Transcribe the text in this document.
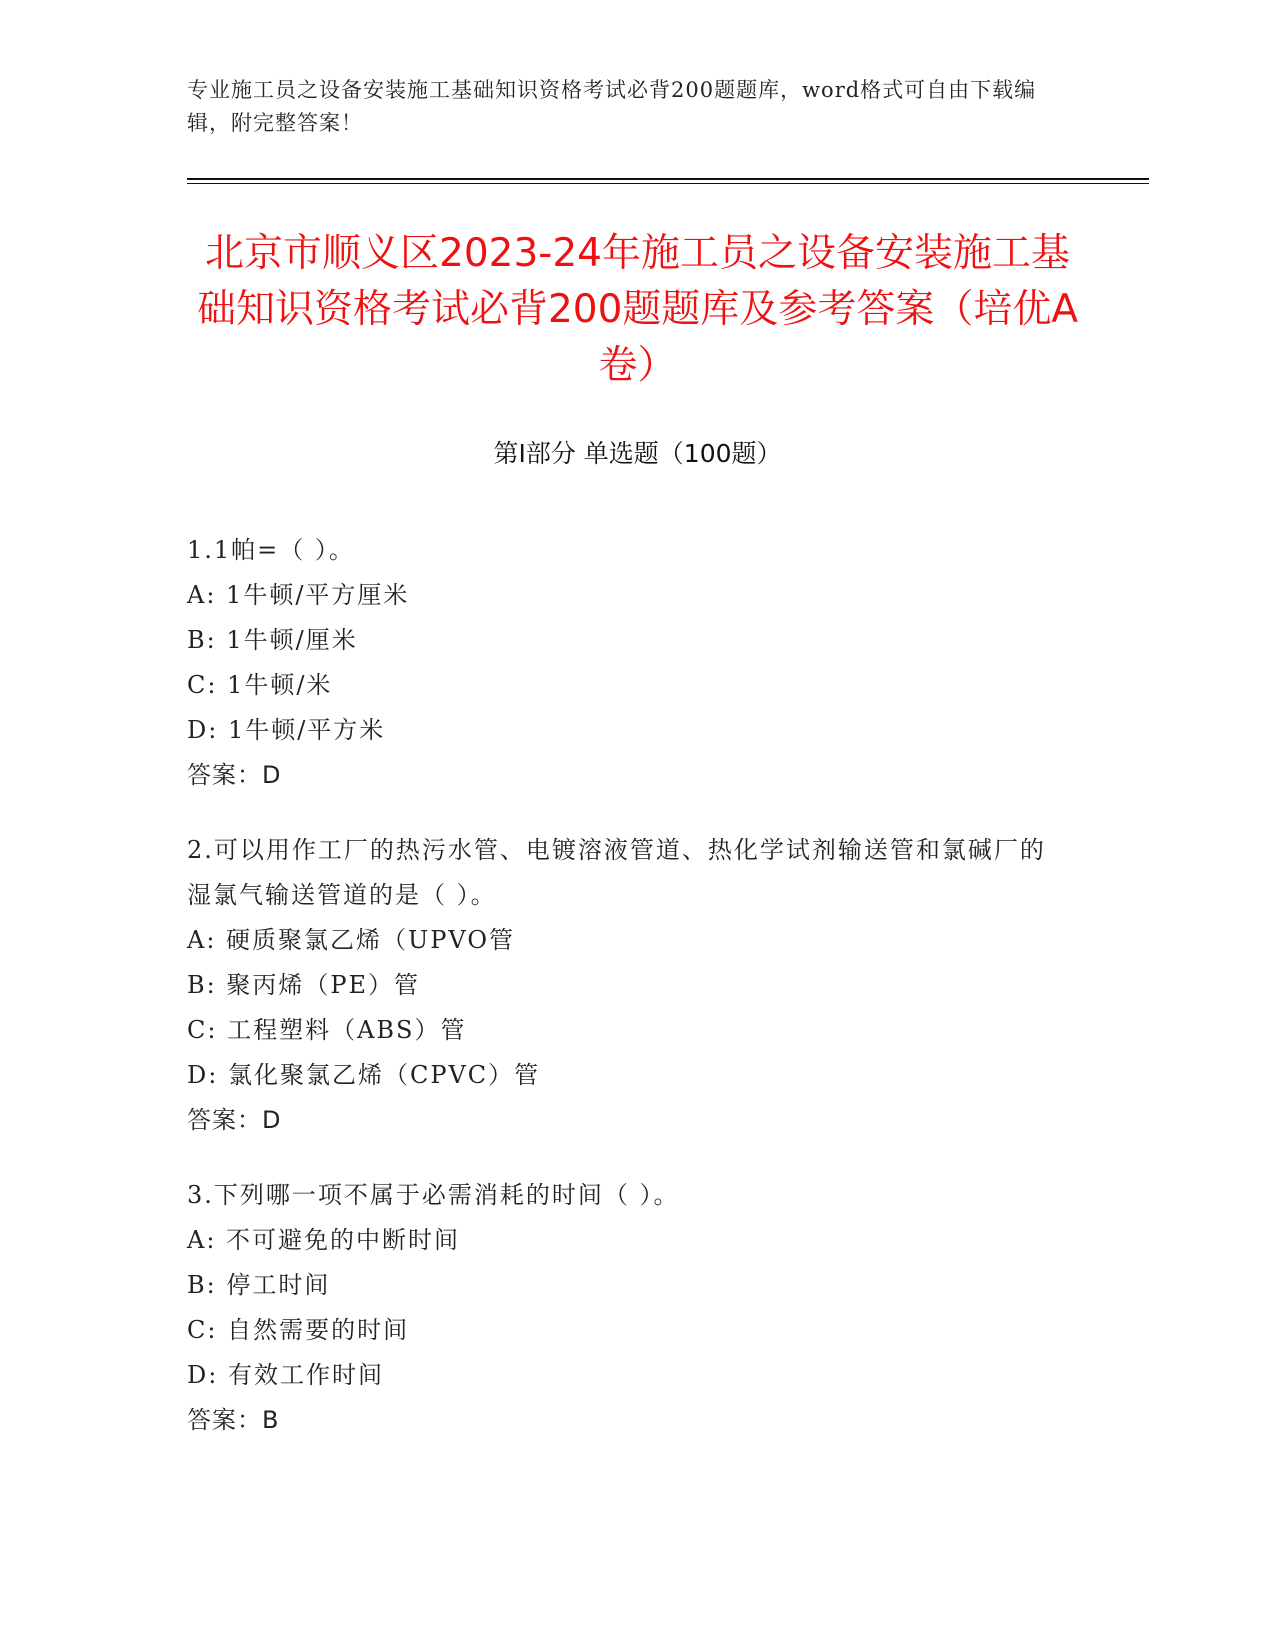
专业施工员之设备安装施工基础知识资格考试必背200题题库，word格式可自由下载编辑，附完整答案！
北京市顺义区2023-24年施工员之设备安装施工基础知识资格考试必背200题题库及参考答案（培优A卷）
第Ⅰ部分 单选题（100题）
1.1帕=（ ）。
A: 1牛顿/平方厘米
B: 1牛顿/厘米
C: 1牛顿/米
D: 1牛顿/平方米
答案：D
2.可以用作工厂的热污水管、电镀溶液管道、热化学试剂输送管和氯碱厂的湿氯气输送管道的是（ ）。
A: 硬质聚氯乙烯（UPVO管
B: 聚丙烯（PE）管
C: 工程塑料（ABS）管
D: 氯化聚氯乙烯（CPVC）管
答案：D
3.下列哪一项不属于必需消耗的时间（ ）。
A: 不可避免的中断时间
B: 停工时间
C: 自然需要的时间
D: 有效工作时间
答案：B
